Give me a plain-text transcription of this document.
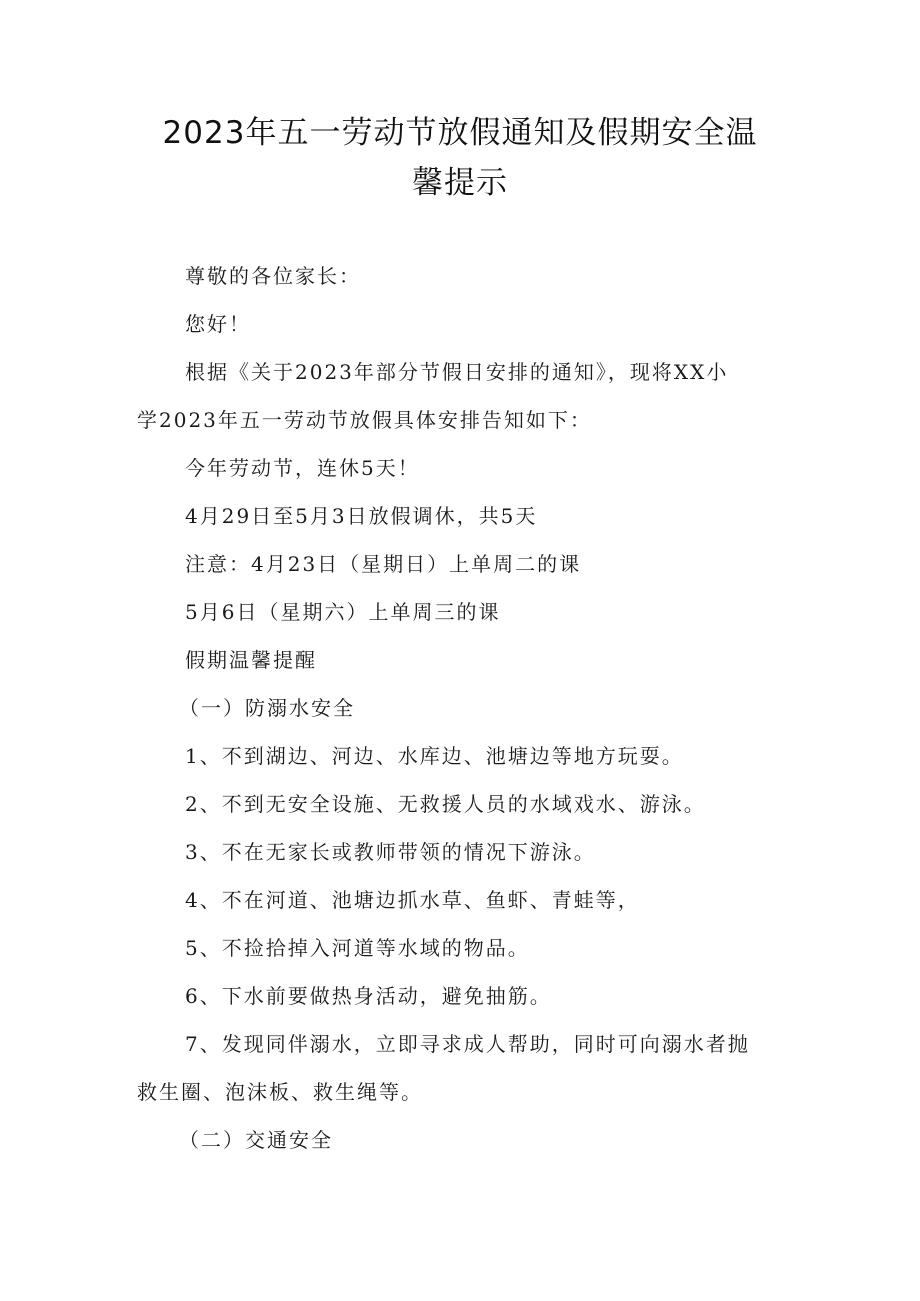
2023年五一劳动节放假通知及假期安全温
馨提示

尊敬的各位家长：

您好！

根据《关于2023年部分节假日安排的通知》，现将XX小

学2023年五一劳动节放假具体安排告知如下：

今年劳动节，连休5天！

4月29日至5月3日放假调休，共5天

注意：4月23日（星期日）上单周二的课

5月6日（星期六）上单周三的课

假期温馨提醒

（一）防溺水安全

1、不到湖边、河边、水库边、池塘边等地方玩耍。

2、不到无安全设施、无救援人员的水域戏水、游泳。

3、不在无家长或教师带领的情况下游泳。

4、不在河道、池塘边抓水草、鱼虾、青蛙等，

5、不捡拾掉入河道等水域的物品。

6、下水前要做热身活动，避免抽筋。

7、发现同伴溺水，立即寻求成人帮助，同时可向溺水者抛

救生圈、泡沫板、救生绳等。

（二）交通安全
